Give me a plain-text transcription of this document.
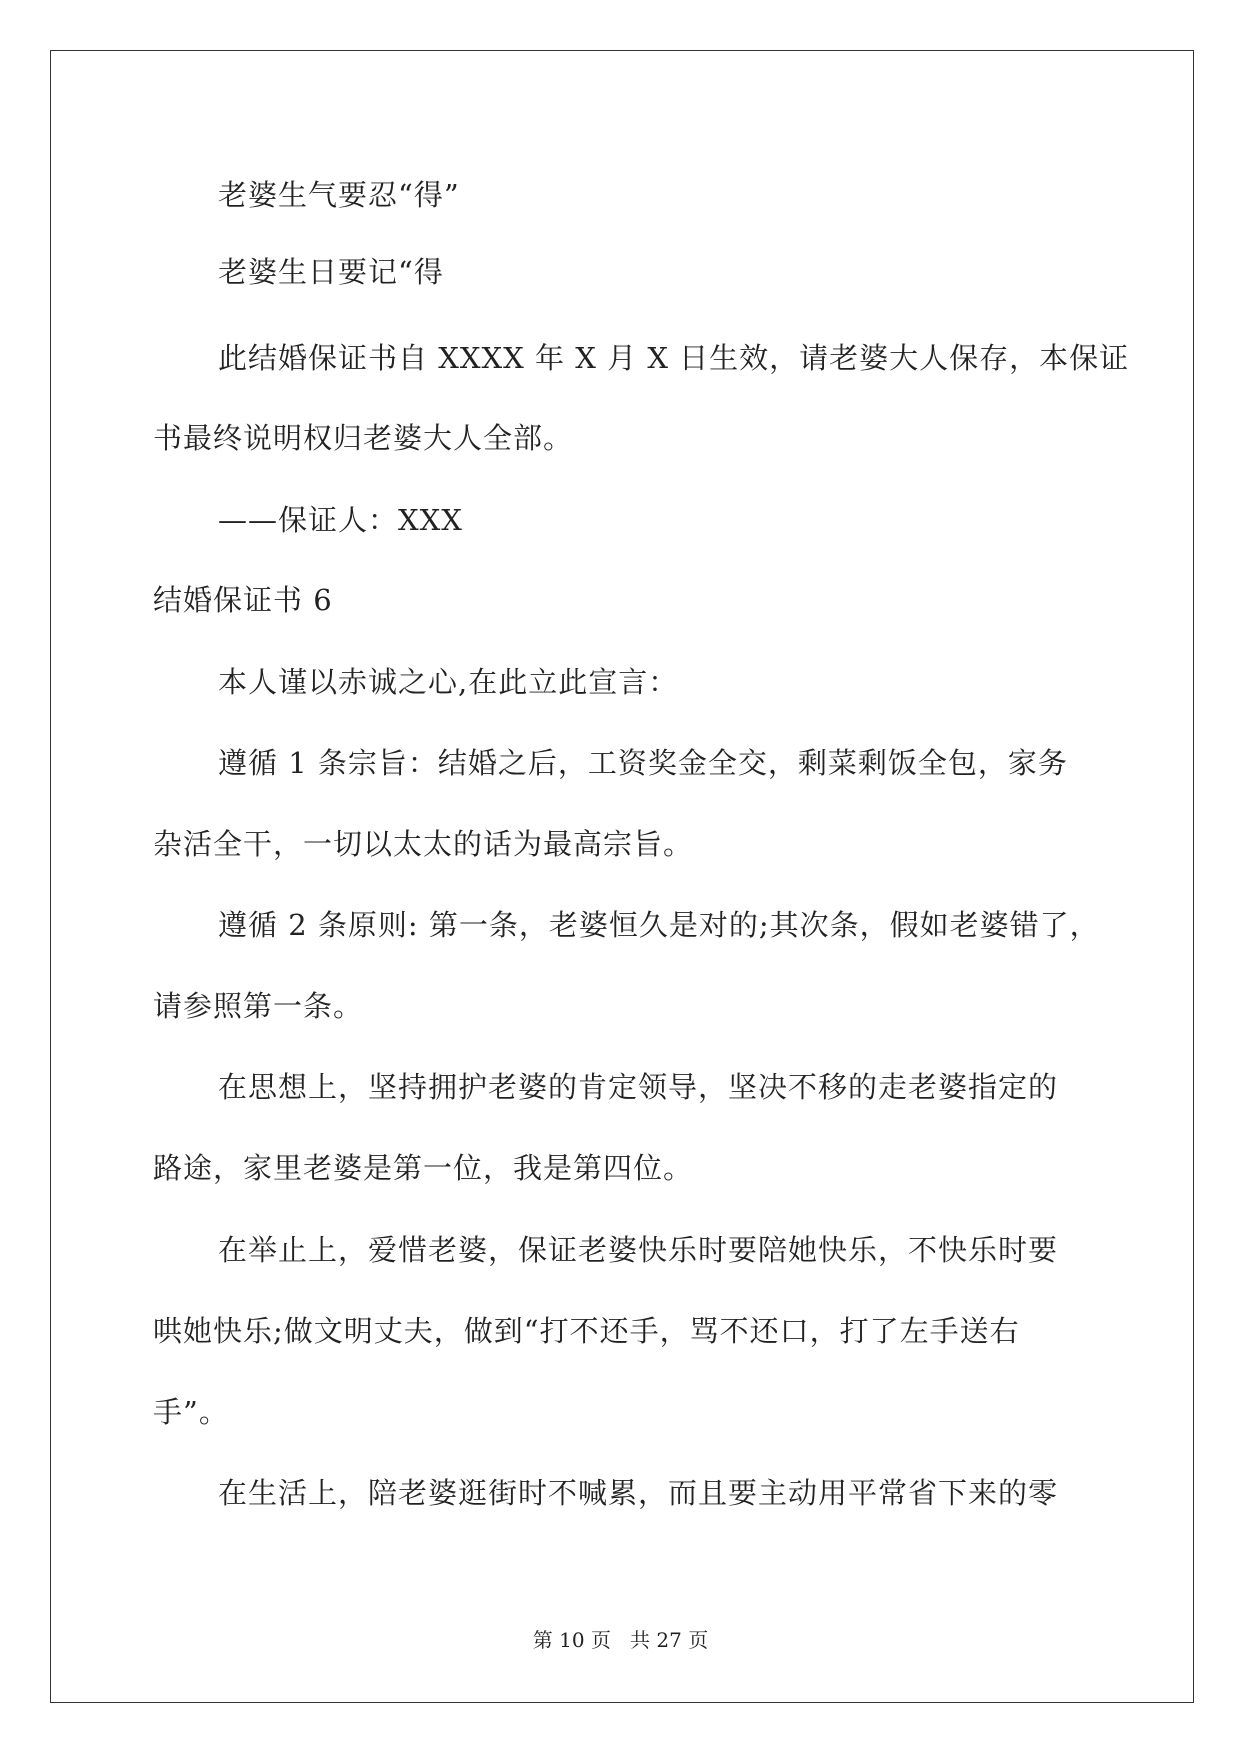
老婆生气要忍“得”
老婆生日要记“得
此结婚保证书自 XXXX 年 X 月 X 日生效，请老婆大人保存，本保证
书最终说明权归老婆大人全部。
——保证人：XXX
结婚保证书 6
本人谨以赤诚之心,在此立此宣言：
遵循 1 条宗旨：结婚之后，工资奖金全交，剩菜剩饭全包，家务
杂活全干，一切以太太的话为最高宗旨。
遵循 2 条原则: 第一条，老婆恒久是对的;其次条，假如老婆错了，
请参照第一条。
在思想上，坚持拥护老婆的肯定领导，坚决不移的走老婆指定的
路途，家里老婆是第一位，我是第四位。
在举止上，爱惜老婆，保证老婆快乐时要陪她快乐，不快乐时要
哄她快乐;做文明丈夫，做到“打不还手，骂不还口，打了左手送右
手”。
在生活上，陪老婆逛街时不喊累，而且要主动用平常省下来的零
第 10 页   共 27 页
